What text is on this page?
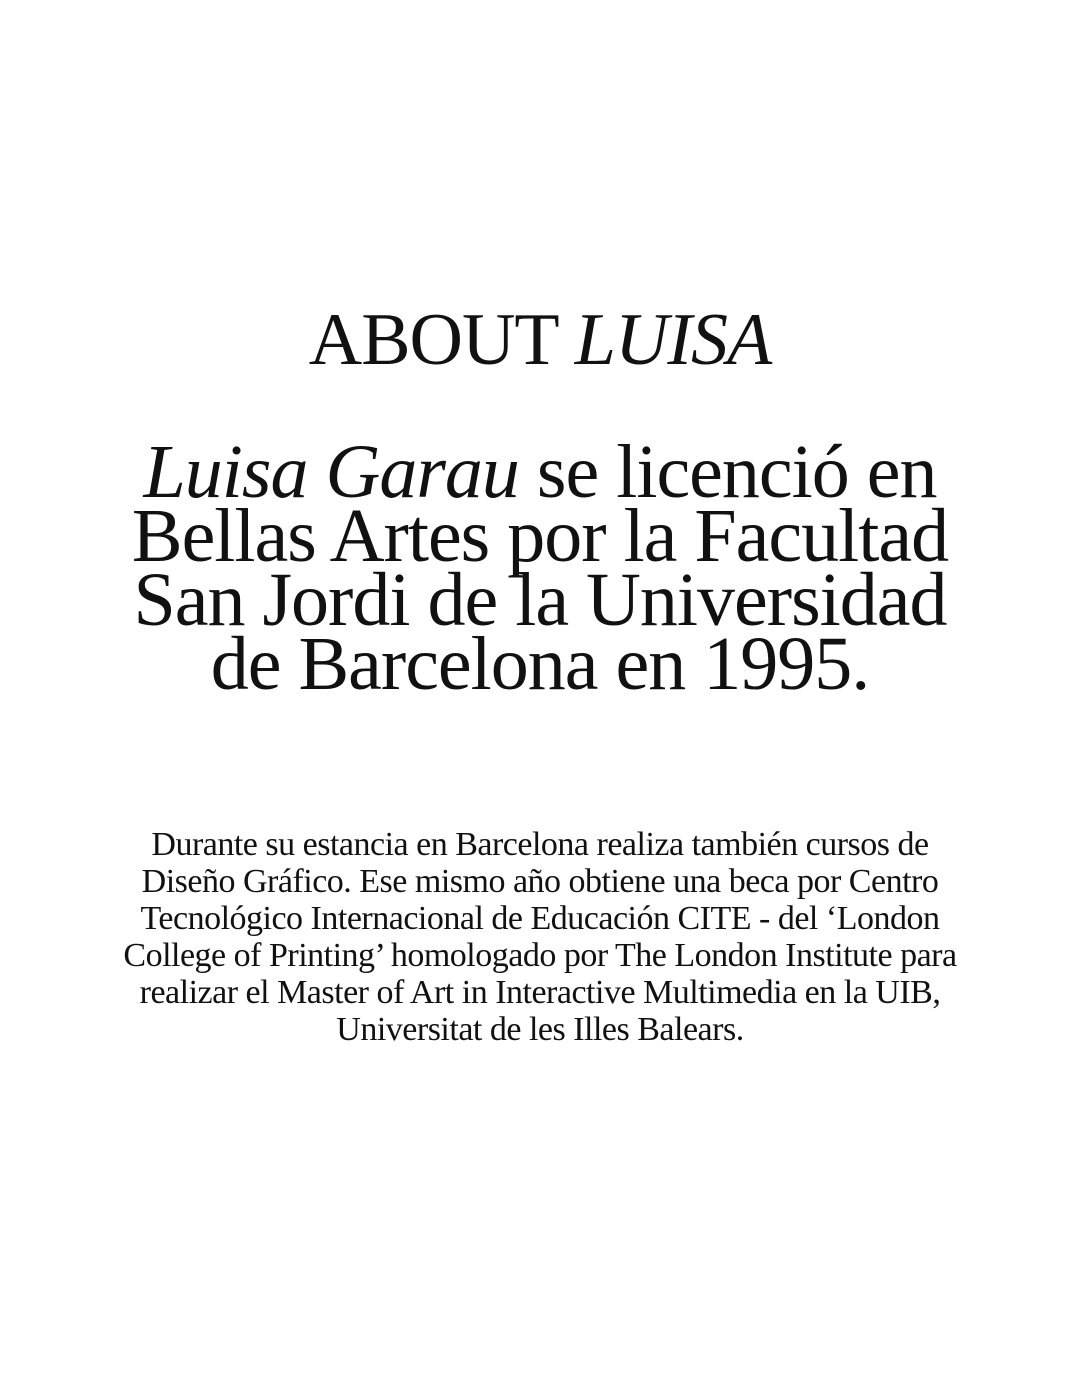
ABOUT LUISA

Luisa Garau se licenció en Bellas Artes por la Facultad San Jordi de la Universidad de Barcelona en 1995.

Durante su estancia en Barcelona realiza también cursos de Diseño Gráfico. Ese mismo año obtiene una beca por Centro Tecnológico Internacional de Educación CITE - del ‘London College of Printing’ homologado por The London Institute para realizar el Master of Art in Interactive Multimedia en la UIB, Universitat de les Illes Balears.
